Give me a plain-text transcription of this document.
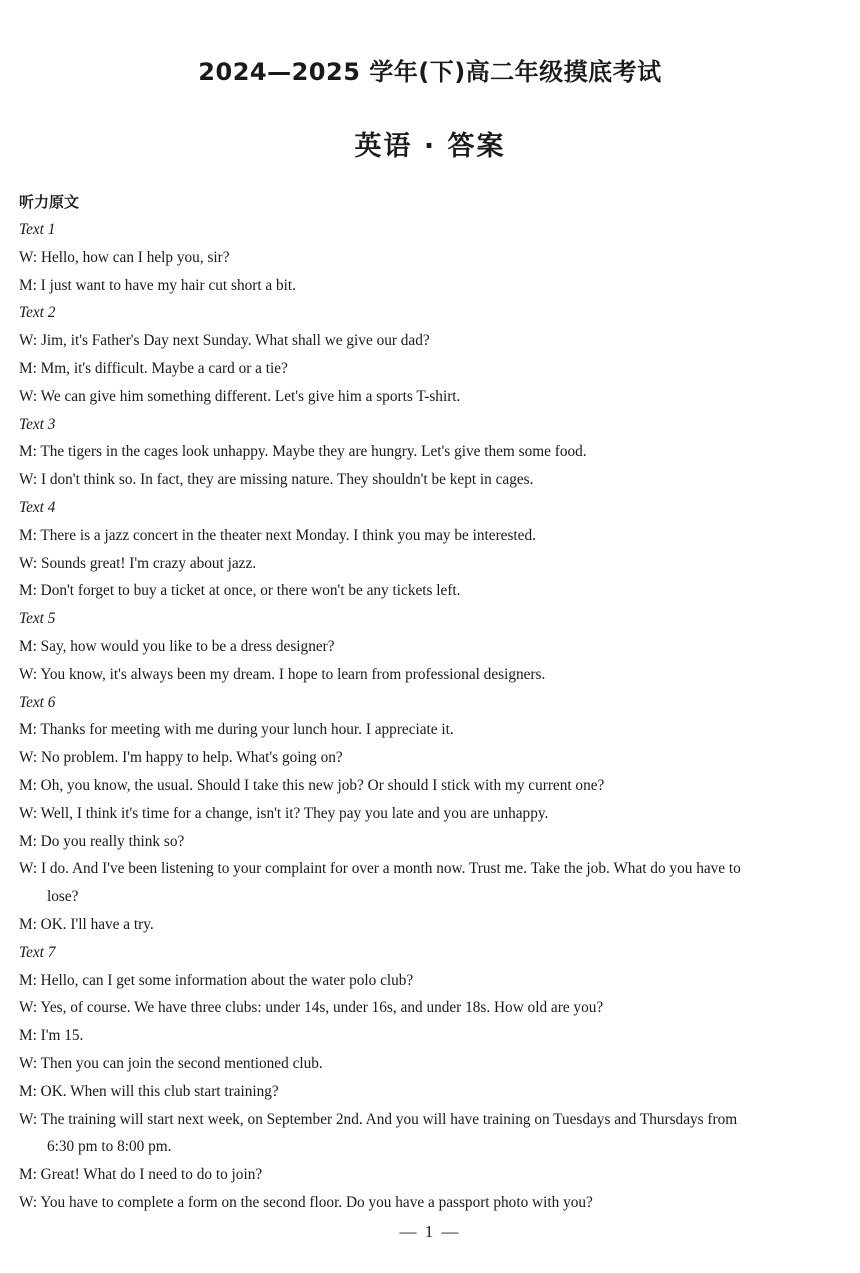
2024—2025 学年(下)高二年级摸底考试
英语 · 答案
听力原文
Text 1
W: Hello, how can I help you, sir?
M: I just want to have my hair cut short a bit.
Text 2
W: Jim, it's Father's Day next Sunday. What shall we give our dad?
M: Mm, it's difficult. Maybe a card or a tie?
W: We can give him something different. Let's give him a sports T-shirt.
Text 3
M: The tigers in the cages look unhappy. Maybe they are hungry. Let's give them some food.
W: I don't think so. In fact, they are missing nature. They shouldn't be kept in cages.
Text 4
M: There is a jazz concert in the theater next Monday. I think you may be interested.
W: Sounds great! I'm crazy about jazz.
M: Don't forget to buy a ticket at once, or there won't be any tickets left.
Text 5
M: Say, how would you like to be a dress designer?
W: You know, it's always been my dream. I hope to learn from professional designers.
Text 6
M: Thanks for meeting with me during your lunch hour. I appreciate it.
W: No problem. I'm happy to help. What's going on?
M: Oh, you know, the usual. Should I take this new job? Or should I stick with my current one?
W: Well, I think it's time for a change, isn't it? They pay you late and you are unhappy.
M: Do you really think so?
W: I do. And I've been listening to your complaint for over a month now. Trust me. Take the job. What do you have to
lose?
M: OK. I'll have a try.
Text 7
M: Hello, can I get some information about the water polo club?
W: Yes, of course. We have three clubs: under 14s, under 16s, and under 18s. How old are you?
M: I'm 15.
W: Then you can join the second mentioned club.
M: OK. When will this club start training?
W: The training will start next week, on September 2nd. And you will have training on Tuesdays and Thursdays from
6:30 pm to 8:00 pm.
M: Great! What do I need to do to join?
W: You have to complete a form on the second floor. Do you have a passport photo with you?
— 1 —
